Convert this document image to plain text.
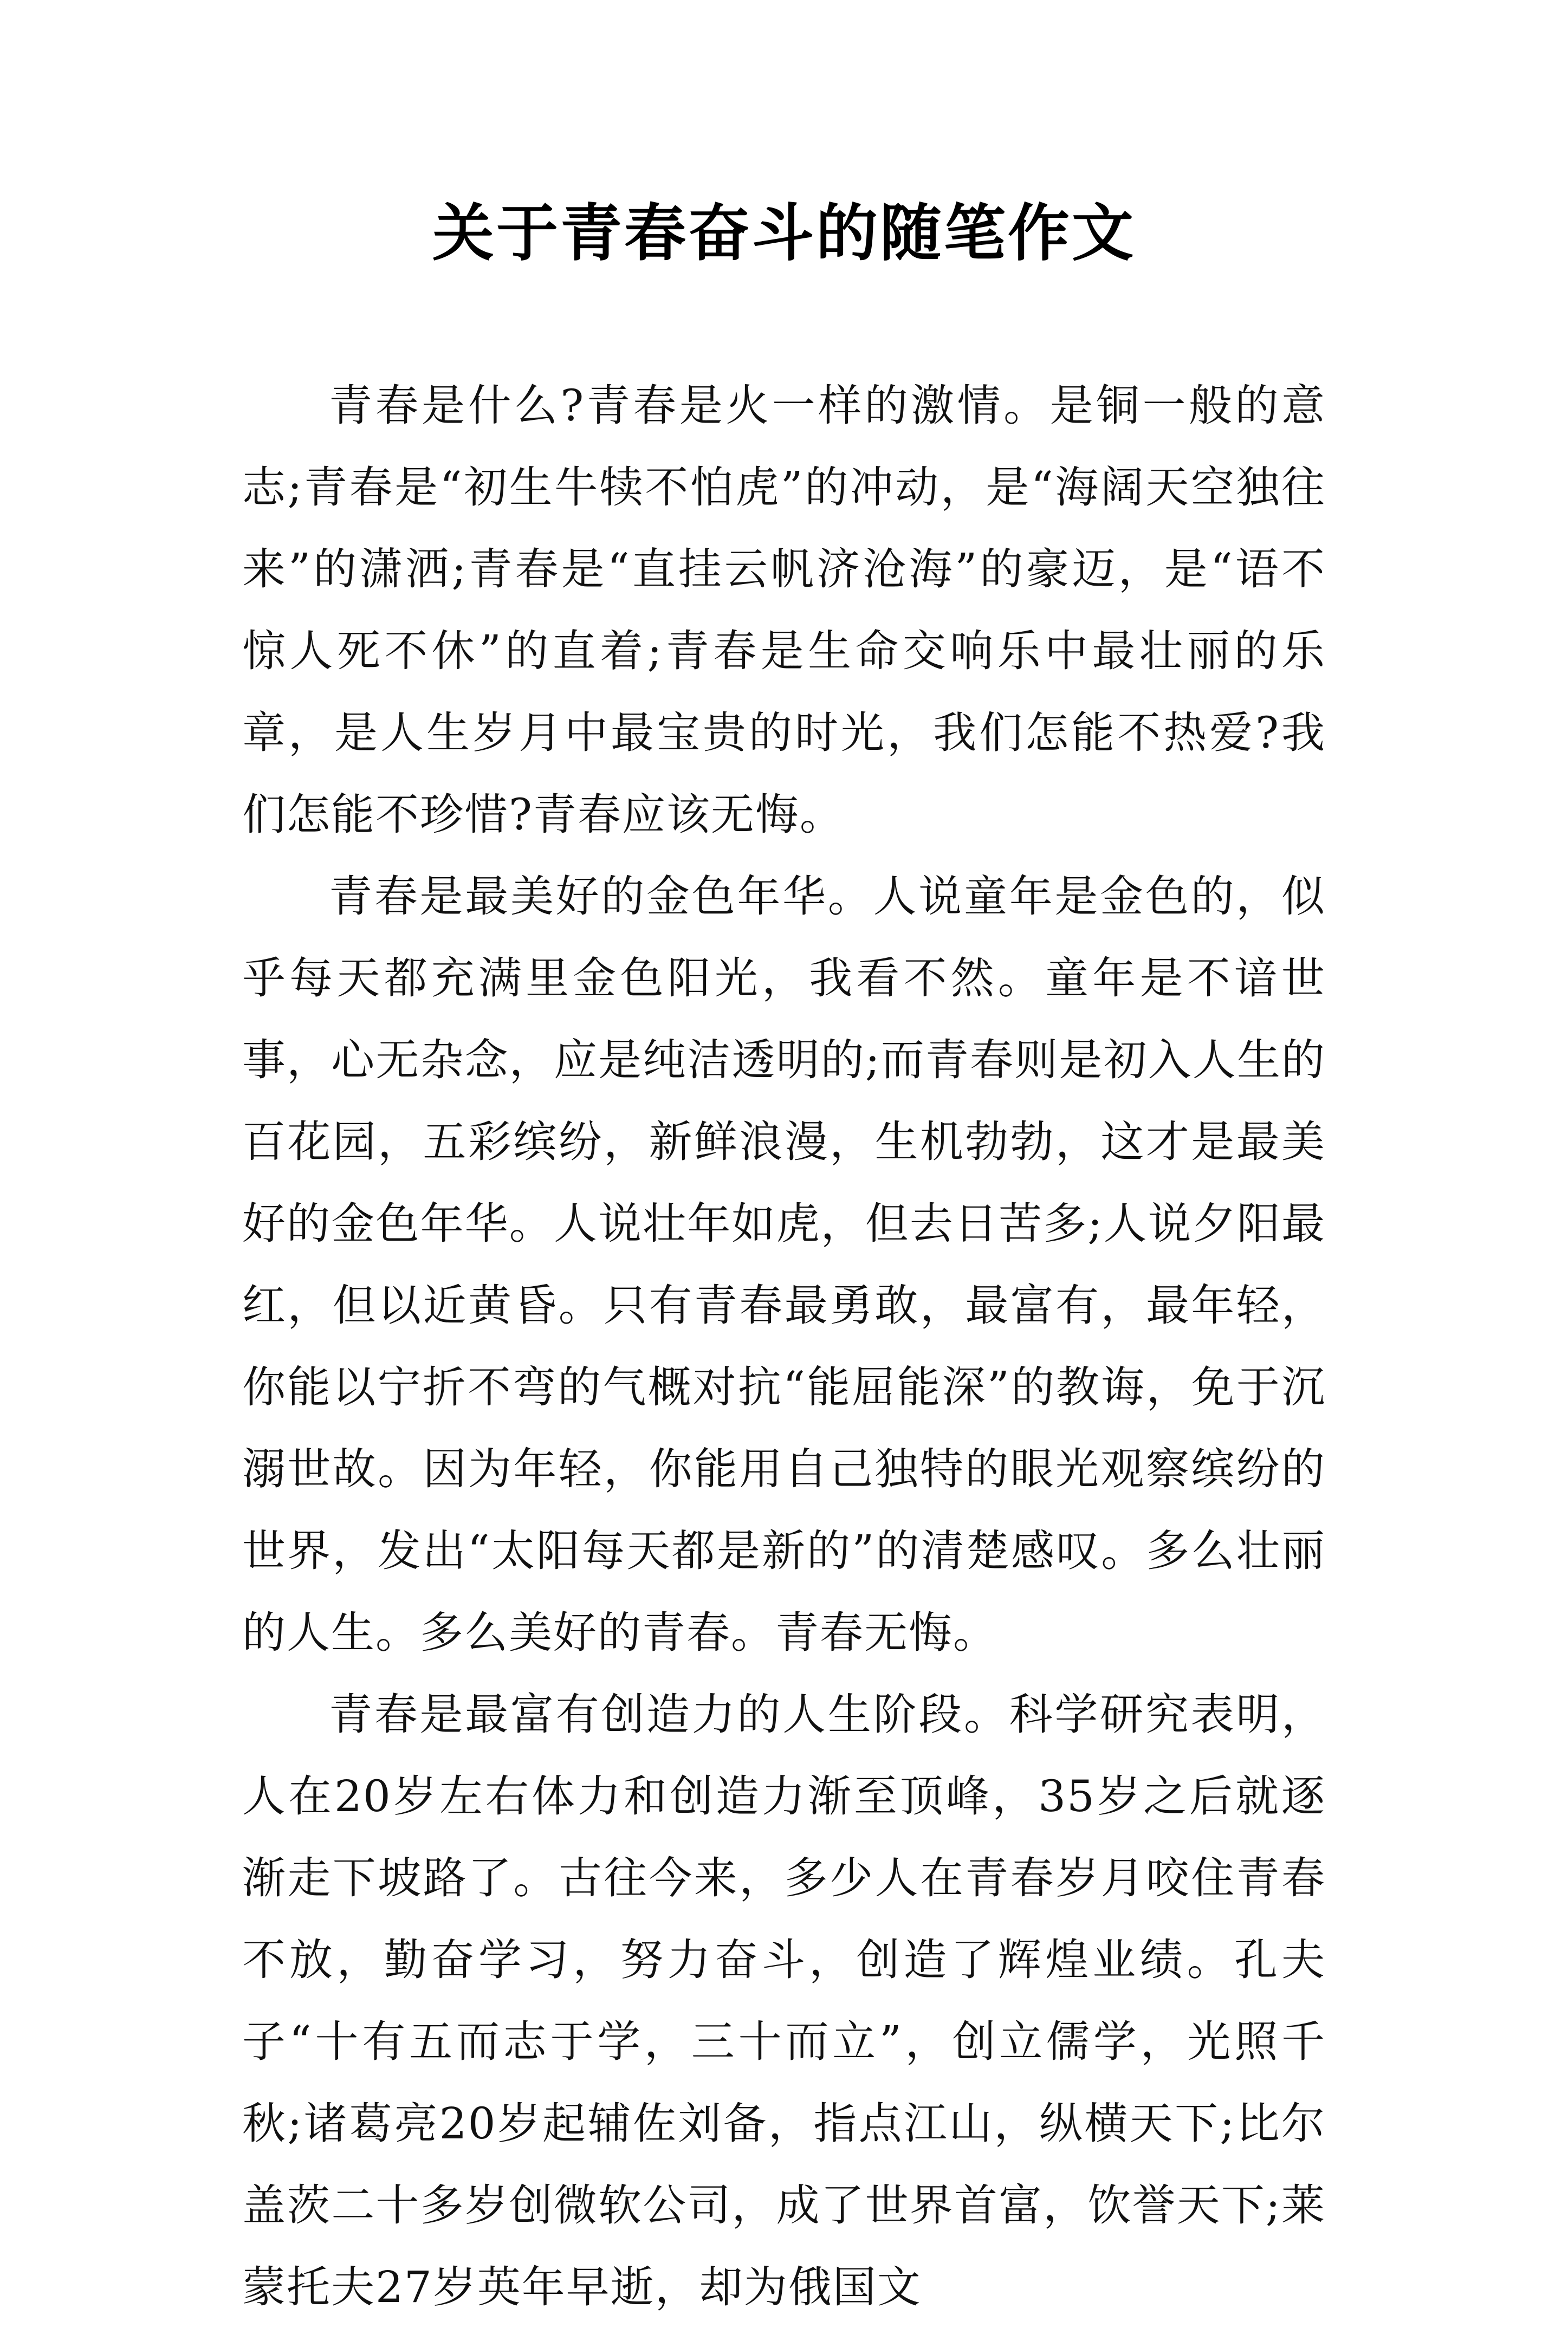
关于青春奋斗的随笔作文

青春是什么?青春是火一样的激情。是铜一般的意志;青春是“初生牛犊不怕虎”的冲动，是“海阔天空独往来”的潇洒;青春是“直挂云帆济沧海”的豪迈，是“语不惊人死不休”的直着;青春是生命交响乐中最壮丽的乐章，是人生岁月中最宝贵的时光，我们怎能不热爱?我们怎能不珍惜?青春应该无悔。

青春是最美好的金色年华。人说童年是金色的，似乎每天都充满里金色阳光，我看不然。童年是不谙世事，心无杂念，应是纯洁透明的;而青春则是初入人生的百花园，五彩缤纷，新鲜浪漫，生机勃勃，这才是最美好的金色年华。人说壮年如虎，但去日苦多;人说夕阳最红，但以近黄昏。只有青春最勇敢，最富有，最年轻，你能以宁折不弯的气概对抗“能屈能深”的教诲，免于沉溺世故。因为年轻，你能用自己独特的眼光观察缤纷的世界，发出“太阳每天都是新的”的清楚感叹。多么壮丽的人生。多么美好的青春。青春无悔。

青春是最富有创造力的人生阶段。科学研究表明，人在20岁左右体力和创造力渐至顶峰，35岁之后就逐渐走下坡路了。古往今来，多少人在青春岁月咬住青春不放，勤奋学习，努力奋斗，创造了辉煌业绩。孔夫子“十有五而志于学，三十而立”，创立儒学，光照千秋;诸葛亮20岁起辅佐刘备，指点江山，纵横天下;比尔盖茨二十多岁创微软公司，成了世界首富，饮誉天下;莱蒙托夫27岁英年早逝，却为俄国文
